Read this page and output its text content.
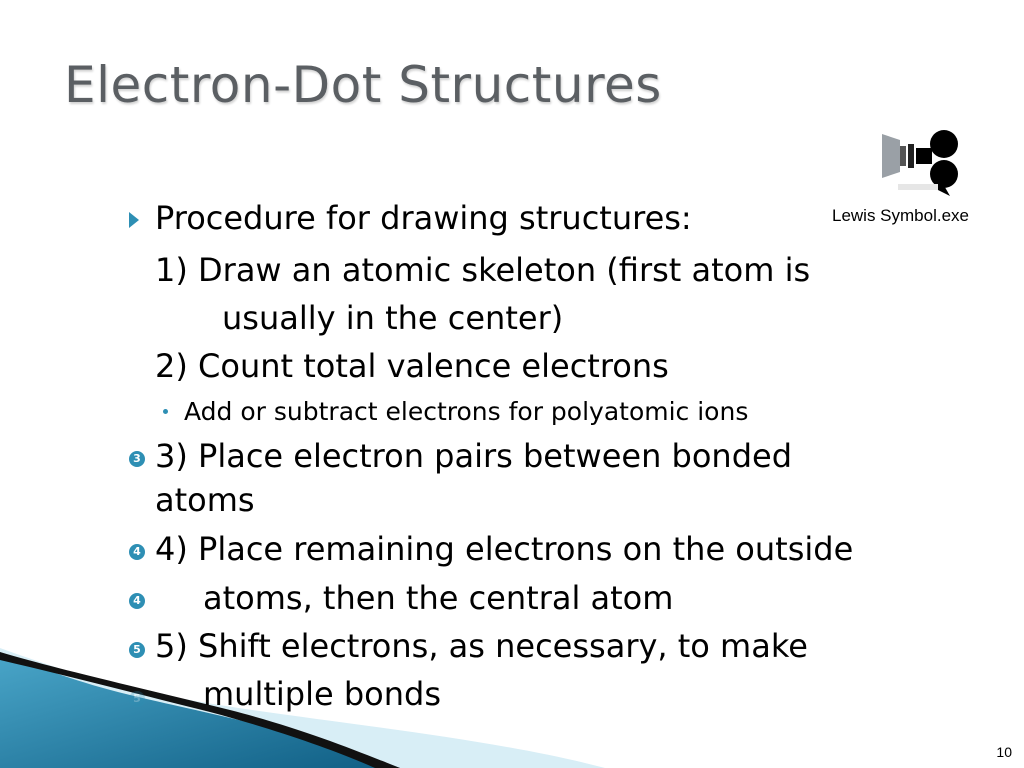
Electron-Dot Structures
Lewis Symbol.exe
Procedure for drawing structures:
1) Draw an atomic skeleton (first atom is
usually in the center)
2) Count total valence electrons
Add or subtract electrons for polyatomic ions
3 3) Place electron pairs between bonded
atoms
4 4) Place remaining electrons on the outside
4 atoms, then the central atom
5 5) Shift electrons, as necessary, to make
5 multiple bonds
10
